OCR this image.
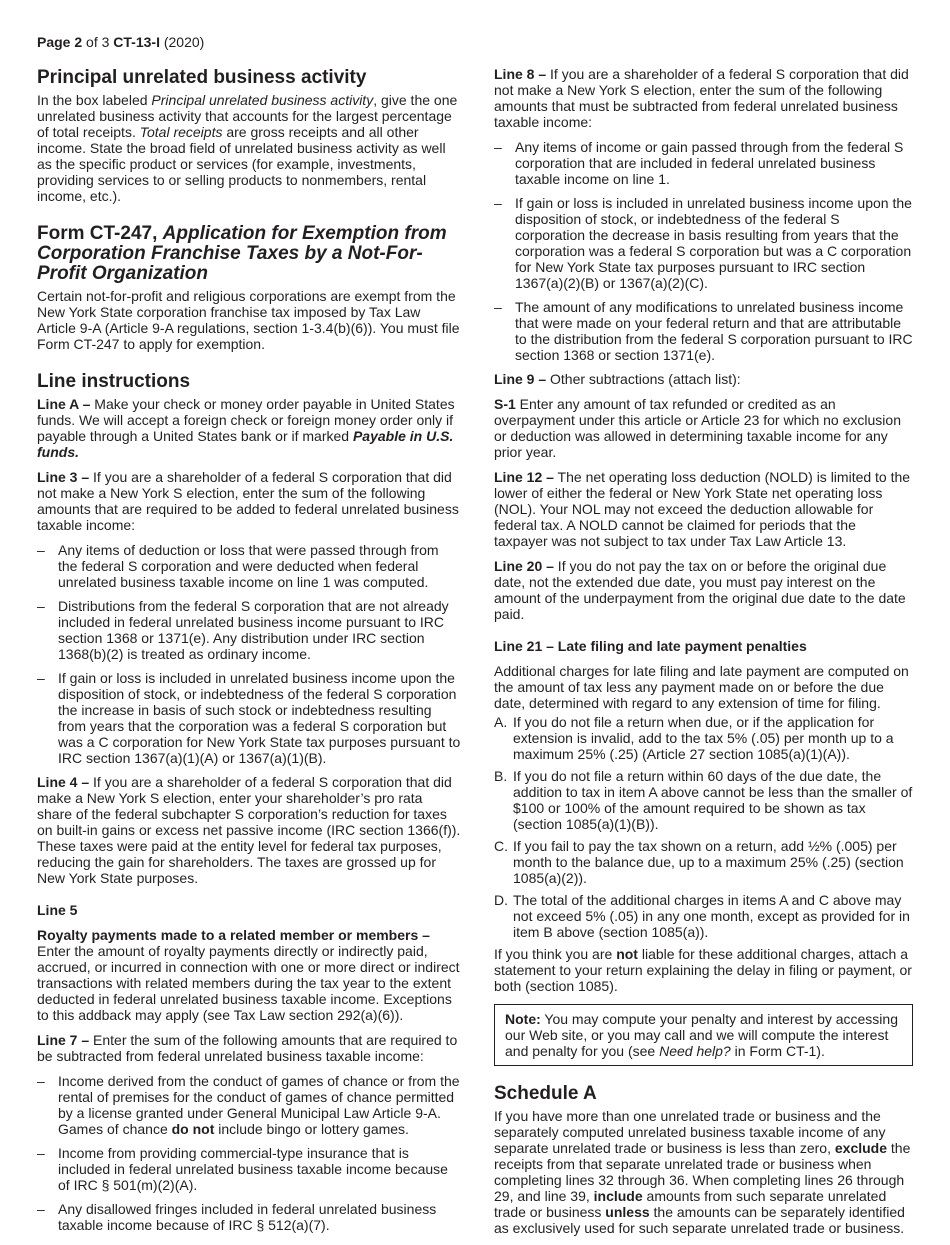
Page 2 of 3 CT-13-I (2020)
Principal unrelated business activity
In the box labeled Principal unrelated business activity, give the one unrelated business activity that accounts for the largest percentage of total receipts. Total receipts are gross receipts and all other income. State the broad field of unrelated business activity as well as the specific product or services (for example, investments, providing services to or selling products to nonmembers, rental income, etc.).
Form CT-247, Application for Exemption from Corporation Franchise Taxes by a Not-For-Profit Organization
Certain not-for-profit and religious corporations are exempt from the New York State corporation franchise tax imposed by Tax Law Article 9-A (Article 9-A regulations, section 1-3.4(b)(6)). You must file Form CT-247 to apply for exemption.
Line instructions
Line A – Make your check or money order payable in United States funds. We will accept a foreign check or foreign money order only if payable through a United States bank or if marked Payable in U.S. funds.
Line 3 – If you are a shareholder of a federal S corporation that did not make a New York S election, enter the sum of the following amounts that are required to be added to federal unrelated business taxable income:
– Any items of deduction or loss that were passed through from the federal S corporation and were deducted when federal unrelated business taxable income on line 1 was computed.
– Distributions from the federal S corporation that are not already included in federal unrelated business income pursuant to IRC section 1368 or 1371(e). Any distribution under IRC section 1368(b)(2) is treated as ordinary income.
– If gain or loss is included in unrelated business income upon the disposition of stock, or indebtedness of the federal S corporation the increase in basis of such stock or indebtedness resulting from years that the corporation was a federal S corporation but was a C corporation for New York State tax purposes pursuant to IRC section 1367(a)(1)(A) or 1367(a)(1)(B).
Line 4 – If you are a shareholder of a federal S corporation that did make a New York S election, enter your shareholder’s pro rata share of the federal subchapter S corporation’s reduction for taxes on built-in gains or excess net passive income (IRC section 1366(f)). These taxes were paid at the entity level for federal tax purposes, reducing the gain for shareholders. The taxes are grossed up for New York State purposes.
Line 5
Royalty payments made to a related member or members – Enter the amount of royalty payments directly or indirectly paid, accrued, or incurred in connection with one or more direct or indirect transactions with related members during the tax year to the extent deducted in federal unrelated business taxable income. Exceptions to this addback may apply (see Tax Law section 292(a)(6)).
Line 7 – Enter the sum of the following amounts that are required to be subtracted from federal unrelated business taxable income:
– Income derived from the conduct of games of chance or from the rental of premises for the conduct of games of chance permitted by a license granted under General Municipal Law Article 9-A. Games of chance do not include bingo or lottery games.
– Income from providing commercial-type insurance that is included in federal unrelated business taxable income because of IRC § 501(m)(2)(A).
– Any disallowed fringes included in federal unrelated business taxable income because of IRC § 512(a)(7).
Line 8 – If you are a shareholder of a federal S corporation that did not make a New York S election, enter the sum of the following amounts that must be subtracted from federal unrelated business taxable income:
– Any items of income or gain passed through from the federal S corporation that are included in federal unrelated business taxable income on line 1.
– If gain or loss is included in unrelated business income upon the disposition of stock, or indebtedness of the federal S corporation the decrease in basis resulting from years that the corporation was a federal S corporation but was a C corporation for New York State tax purposes pursuant to IRC section 1367(a)(2)(B) or 1367(a)(2)(C).
– The amount of any modifications to unrelated business income that were made on your federal return and that are attributable to the distribution from the federal S corporation pursuant to IRC section 1368 or section 1371(e).
Line 9 – Other subtractions (attach list):
S-1 Enter any amount of tax refunded or credited as an overpayment under this article or Article 23 for which no exclusion or deduction was allowed in determining taxable income for any prior year.
Line 12 – The net operating loss deduction (NOLD) is limited to the lower of either the federal or New York State net operating loss (NOL). Your NOL may not exceed the deduction allowable for federal tax. A NOLD cannot be claimed for periods that the taxpayer was not subject to tax under Tax Law Article 13.
Line 20 – If you do not pay the tax on or before the original due date, not the extended due date, you must pay interest on the amount of the underpayment from the original due date to the date paid.
Line 21 – Late filing and late payment penalties
Additional charges for late filing and late payment are computed on the amount of tax less any payment made on or before the due date, determined with regard to any extension of time for filing.
A. If you do not file a return when due, or if the application for extension is invalid, add to the tax 5% (.05) per month up to a maximum 25% (.25) (Article 27 section 1085(a)(1)(A)).
B. If you do not file a return within 60 days of the due date, the addition to tax in item A above cannot be less than the smaller of $100 or 100% of the amount required to be shown as tax (section 1085(a)(1)(B)).
C. If you fail to pay the tax shown on a return, add ½% (.005) per month to the balance due, up to a maximum 25% (.25) (section 1085(a)(2)).
D. The total of the additional charges in items A and C above may not exceed 5% (.05) in any one month, except as provided for in item B above (section 1085(a)).
If you think you are not liable for these additional charges, attach a statement to your return explaining the delay in filing or payment, or both (section 1085).
Note: You may compute your penalty and interest by accessing our Web site, or you may call and we will compute the interest and penalty for you (see Need help? in Form CT-1).
Schedule A
If you have more than one unrelated trade or business and the separately computed unrelated business taxable income of any separate unrelated trade or business is less than zero, exclude the receipts from that separate unrelated trade or business when completing lines 32 through 36. When completing lines 26 through 29, and line 39, include amounts from such separate unrelated trade or business unless the amounts can be separately identified as exclusively used for such separate unrelated trade or business.
